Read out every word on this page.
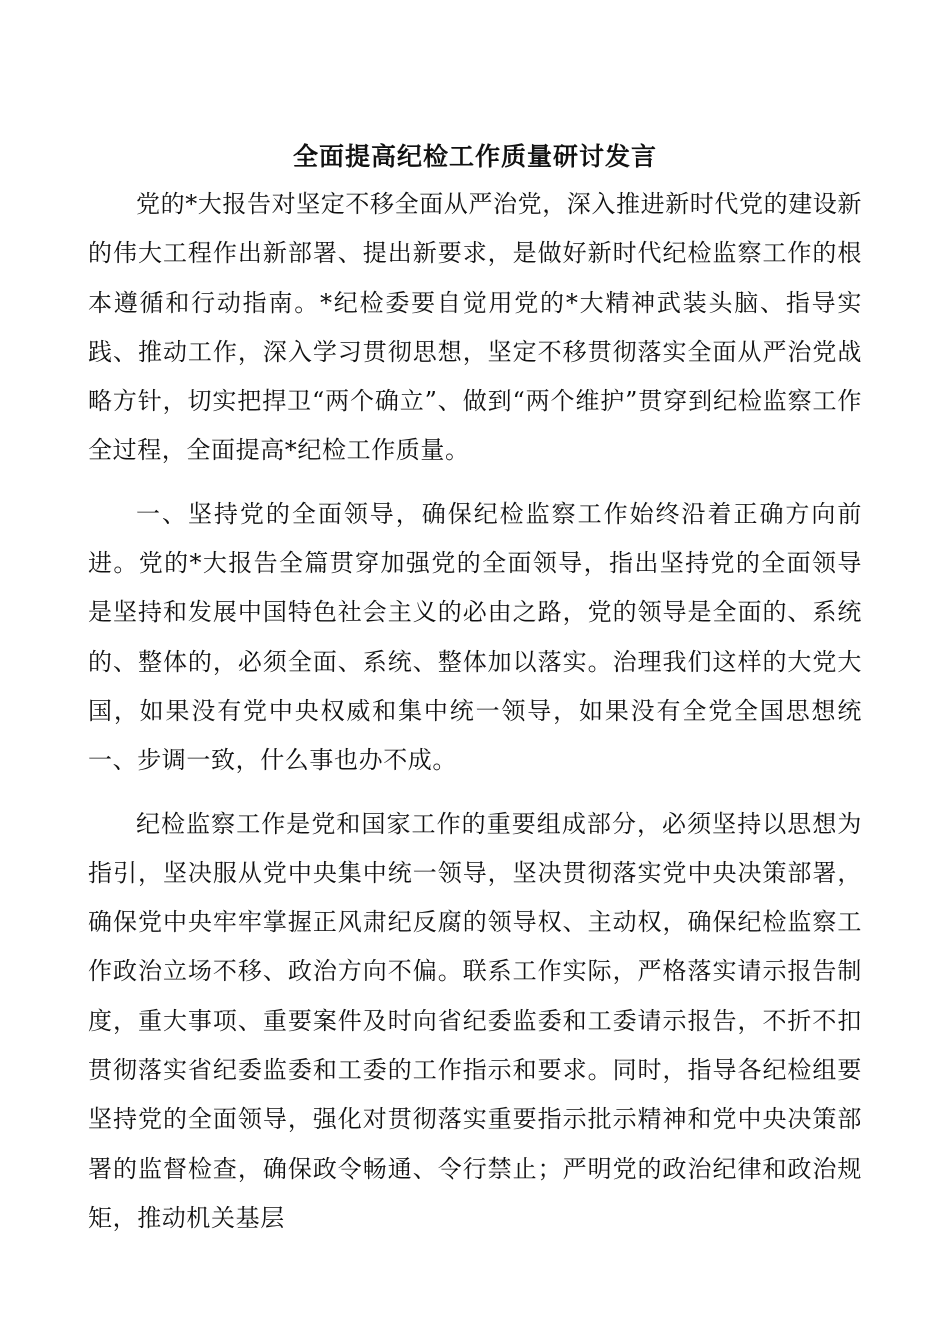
全面提高纪检工作质量研讨发言

党的*大报告对坚定不移全面从严治党，深入推进新时代党的建设新的伟大工程作出新部署、提出新要求，是做好新时代纪检监察工作的根本遵循和行动指南。*纪检委要自觉用党的*大精神武装头脑、指导实践、推动工作，深入学习贯彻思想，坚定不移贯彻落实全面从严治党战略方针，切实把捍卫“两个确立”、做到“两个维护”贯穿到纪检监察工作全过程，全面提高*纪检工作质量。

一、坚持党的全面领导，确保纪检监察工作始终沿着正确方向前进。党的*大报告全篇贯穿加强党的全面领导，指出坚持党的全面领导是坚持和发展中国特色社会主义的必由之路，党的领导是全面的、系统的、整体的，必须全面、系统、整体加以落实。治理我们这样的大党大国，如果没有党中央权威和集中统一领导，如果没有全党全国思想统一、步调一致，什么事也办不成。

纪检监察工作是党和国家工作的重要组成部分，必须坚持以思想为指引，坚决服从党中央集中统一领导，坚决贯彻落实党中央决策部署，确保党中央牢牢掌握正风肃纪反腐的领导权、主动权，确保纪检监察工作政治立场不移、政治方向不偏。联系工作实际，严格落实请示报告制度，重大事项、重要案件及时向省纪委监委和工委请示报告，不折不扣贯彻落实省纪委监委和工委的工作指示和要求。同时，指导各纪检组要坚持党的全面领导，强化对贯彻落实重要指示批示精神和党中央决策部署的监督检查，确保政令畅通、令行禁止；严明党的政治纪律和政治规矩，推动机关基层
